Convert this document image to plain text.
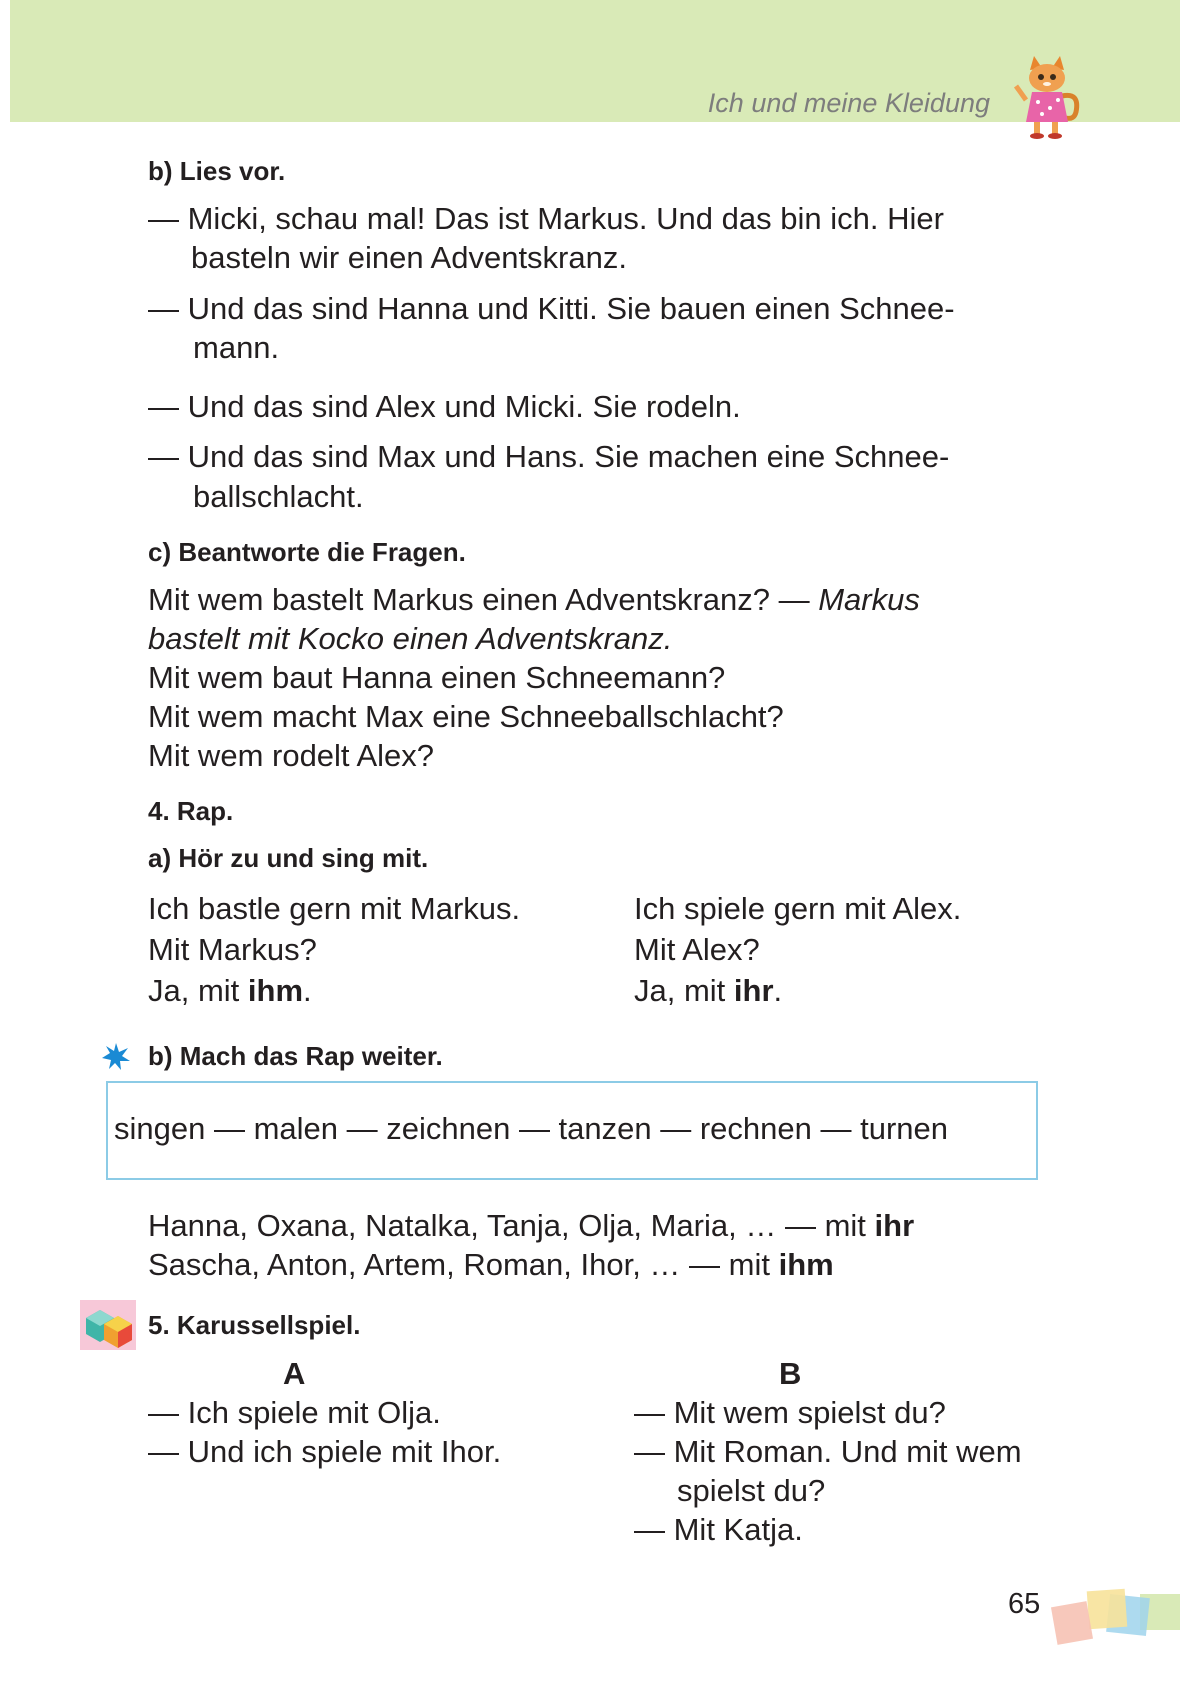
Ich und meine Kleidung
b) Lies vor.
— Micki, schau mal! Das ist Markus. Und das bin ich. Hier
basteln wir einen Adventskranz.
— Und das sind Hanna und Kitti. Sie bauen einen Schnee-
mann.
— Und das sind Alex und Micki. Sie rodeln.
— Und das sind Max und Hans. Sie machen eine Schnee-
ballschlacht.
c) Beantworte die Fragen.
Mit wem bastelt Markus einen Adventskranz? — Markus
bastelt mit Kocko einen Adventskranz.
Mit wem baut Hanna einen Schneemann?
Mit wem macht Max eine Schneeballschlacht?
Mit wem rodelt Alex?
4. Rap.
a) Hör zu und sing mit.
Ich bastle gern mit Markus.
Mit Markus?
Ja, mit ihm.
Ich spiele gern mit Alex.
Mit Alex?
Ja, mit ihr.
b) Mach das Rap weiter.
singen — malen — zeichnen — tanzen — rechnen — turnen
Hanna, Oxana, Natalka, Tanja, Olja, Maria, … — mit ihr
Sascha, Anton, Artem, Roman, Ihor, … — mit ihm
5. Karussellspiel.
A
— Ich spiele mit Olja.
— Und ich spiele mit Ihor.
B
— Mit wem spielst du?
— Mit Roman. Und mit wem
spielst du?
— Mit Katja.
65
